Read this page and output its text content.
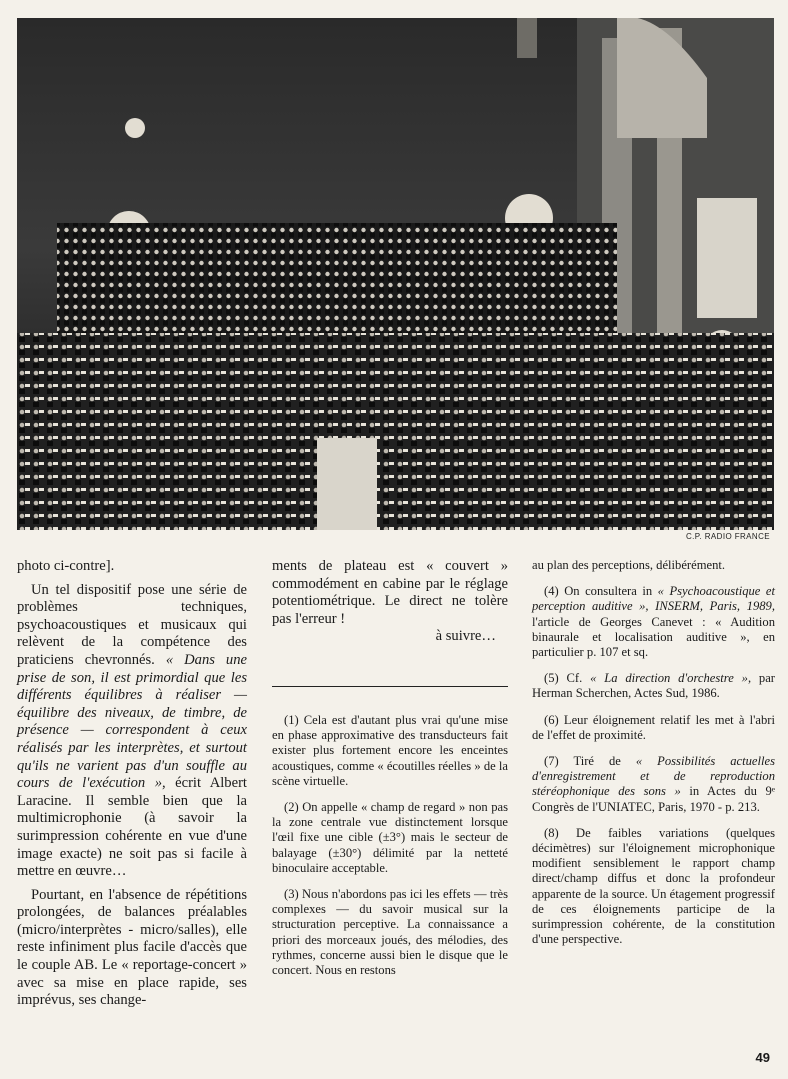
C.P. RADIO FRANCE

photo ci-contre].

Un tel dispositif pose une série de problèmes techniques, psychoacoustiques et musicaux qui relèvent de la compétence des praticiens chevronnés. « Dans une prise de son, il est primordial que les différents équilibres à réaliser — équilibre des niveaux, de timbre, de présence — correspondent à ceux réalisés par les interprètes, et surtout qu'ils ne varient pas d'un souffle au cours de l'exécution », écrit Albert Laracine. Il semble bien que la multimicrophonie (à savoir la surimpression cohérente en vue d'une image exacte) ne soit pas si facile à mettre en œuvre…

Pourtant, en l'absence de répétitions prolongées, de balances préalables (micro/interprètes - micro/salles), elle reste infiniment plus facile d'accès que le couple AB. Le « reportage-concert » avec sa mise en place rapide, ses imprévus, ses change-

ments de plateau est « couvert » commodément en cabine par le réglage potentiométrique. Le direct ne tolère pas l'erreur !
à suivre…

(1) Cela est d'autant plus vrai qu'une mise en phase approximative des transducteurs fait exister plus fortement encore les enceintes acoustiques, comme « écoutilles réelles » de la scène virtuelle.

(2) On appelle « champ de regard » non pas la zone centrale vue distinctement lorsque l'œil fixe une cible (±3°) mais le secteur de balayage (±30°) délimité par la netteté binoculaire acceptable.

(3) Nous n'abordons pas ici les effets — très complexes — du savoir musical sur la structuration perceptive. La connaissance a priori des morceaux joués, des mélodies, des rythmes, concerne aussi bien le disque que le concert. Nous en restons

au plan des perceptions, délibérément.

(4) On consultera in « Psychoacoustique et perception auditive », INSERM, Paris, 1989, l'article de Georges Canevet : « Audition binaurale et localisation auditive », en particulier p. 107 et sq.

(5) Cf. « La direction d'orchestre », par Herman Scherchen, Actes Sud, 1986.

(6) Leur éloignement relatif les met à l'abri de l'effet de proximité.

(7) Tiré de « Possibilités actuelles d'enregistrement et de reproduction stéréophonique des sons » in Actes du 9ᵉ Congrès de l'UNIATEC, Paris, 1970 - p. 213.

(8) De faibles variations (quelques décimètres) sur l'éloignement microphonique modifient sensiblement le rapport champ direct/champ diffus et donc la profondeur apparente de la source. Un étagement progressif de ces éloignements participe de la surimpression cohérente, de la constitution d'une perspective.

49
